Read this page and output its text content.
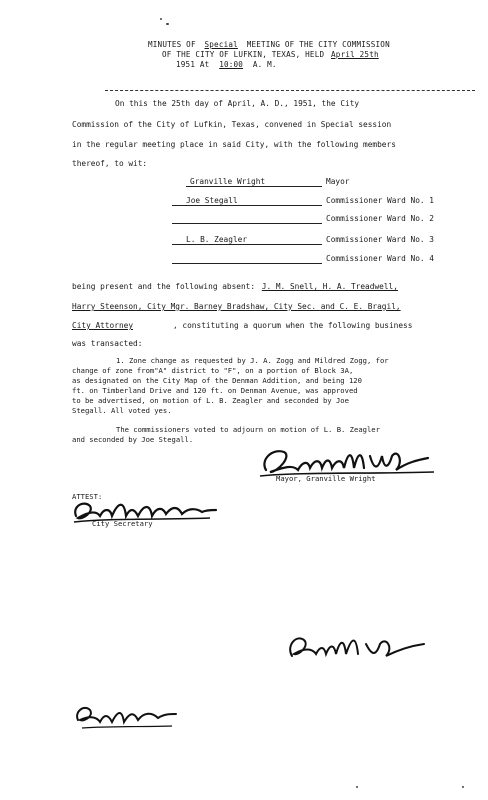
MINUTES OF Special MEETING OF THE CITY COMMISSION
OF THE CITY OF LUFKIN, TEXAS, HELD April 25th
1951 At 10:00 A. M.
On this the 25th day of April, A. D., 1951, the City
Commission of the City of Lufkin, Texas, convened in Special session
in the regular meeting place in said City, with the following members
thereof, to wit:
Granville Wright	Mayor
Joe Stegall	Commissioner Ward No. 1
Commissioner Ward No. 2
L. B. Zeagler	Commissioner Ward No. 3
Commissioner Ward No. 4
being present and the following absent: J. M. Snell, H. A. Treadwell,
Harry Steenson, City Mgr. Barney Bradshaw, City Sec. and C. E. Bragil,
City Attorney	, constituting a quorum when the following business
was transacted:
1. Zone change as requested by J. A. Zogg and Mildred Zogg, for
change of zone from"A" district to "F", on a portion of Block 3A,
as designated on the City Map of the Denman Addition, and being 120
ft. on Timberland Drive and 120 ft. on Denman Avenue, was approved
to be advertised, on motion of L. B. Zeagler and seconded by Joe
Stegall. All voted yes.
The commissioners voted to adjourn on motion of L. B. Zeagler
and seconded by Joe Stegall.
Mayor, Granville Wright
ATTEST:
City Secretary
